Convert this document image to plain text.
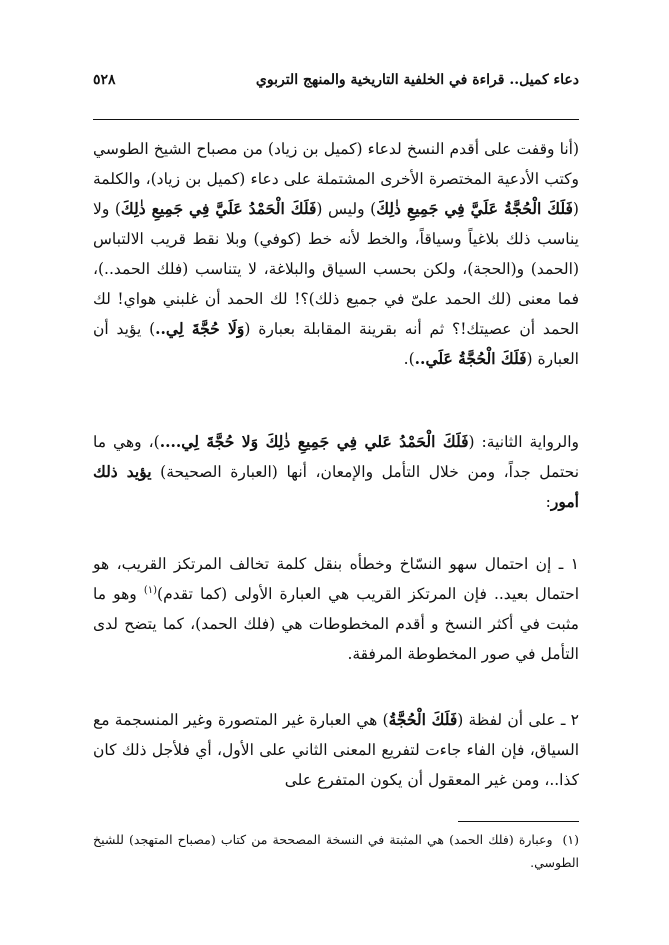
دعاء كميل.. قراءة في الخلفية التاريخية والمنهج التربوي
٥٢٨
(أنا وقفت على أقدم النسخ لدعاء (كميل بن زياد) من مصباح الشيخ الطوسي وكتب الأدعية المختصرة الأخرى المشتملة على دعاء (كميل بن زياد)، والكلمة (فَلَكَ الْحُجَّةُ عَلَيَّ فِي جَمِيعِ ذٰلِكَ) وليس (فَلَكَ الْحَمْدُ عَلَيَّ فِي جَمِيعِ ذٰلِكَ) ولا يناسب ذلك بلاغياً وسياقاً، والخط لأنه خط (كوفي) وبلا نقط قريب الالتباس (الحمد) و(الحجة)، ولكن بحسب السياق والبلاغة، لا يتناسب (فلك الحمد..)، فما معنى (لك الحمد علىّ في جميع ذلك)؟! لك الحمد أن غلبني هواي! لك الحمد أن عصيتك!؟ ثم أنه بقرينة المقابلة بعبارة (وَلَا حُجَّةَ لِي..) يؤيد أن العبارة (فَلَكَ الْحُجَّةُ عَلَي..).
والرواية الثانية: (فَلَكَ الْحَمْدُ عَلي فِي جَمِيعِ ذٰلِكَ وَلا حُجَّةَ لِي....)، وهي ما نحتمل جداً، ومن خلال التأمل والإمعان، أنها (العبارة الصحيحة) يؤيد ذلك أمور:
١ ـ إن احتمال سهو النسّاخ وخطأه بنقل كلمة تخالف المرتكز القريب، هو احتمال بعيد.. فإن المرتكز القريب هي العبارة الأولى (كما تقدم)$^{(١)}$ وهو ما مثبت في أكثر النسخ و أقدم المخطوطات هي (فلك الحمد)، كما يتضح لدى التأمل في صور المخطوطة المرفقة.
٢ ـ على أن لفظة (فَلَكَ الْحُجَّةُ) هي العبارة غير المتصورة وغير المنسجمة مع السياق، فإن الفاء جاءت لتفريع المعنى الثاني على الأول، أي فلأجل ذلك كان كذا..، ومن غير المعقول أن يكون المتفرع على
(١)وعبارة (فلك الحمد) هي المثبتة في النسخة المصححة من كتاب (مصباح المتهجد) للشيخ الطوسي.
